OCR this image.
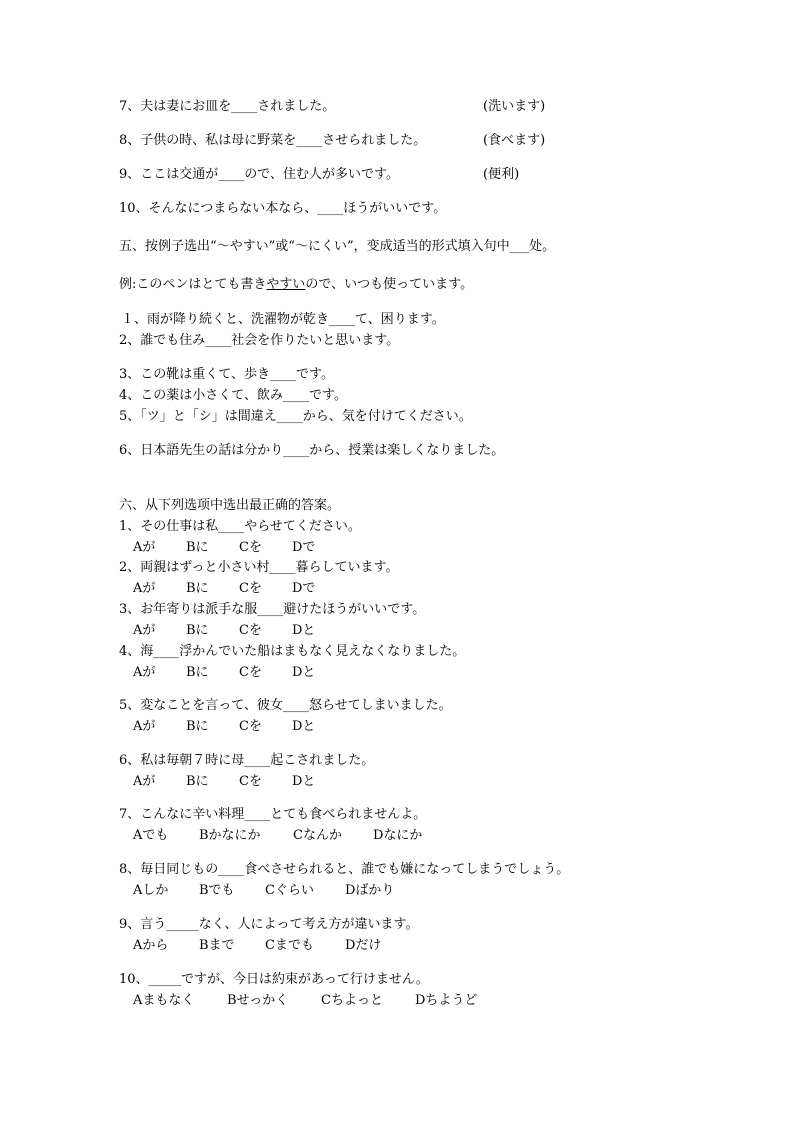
7、夫は妻にお皿を____されました。	(洗います)
8、子供の時、私は母に野菜を____させられました。	(食べます)
9、ここは交通が____ので、住む人が多いです。	(便利)
10、そんなにつまらない本なら、____ほうがいいです。
五、按例子选出“～やすい”或“～にくい”，变成适当的形式填入句中___处。
例:このペンはとても書きやすいので、いつも使っています。
１、雨が降り続くと、洗濯物が乾き____て、困ります。
2、誰でも住み____社会を作りたいと思います。
3、この靴は重くて、歩き____です。
4、この薬は小さくて、飲み____です。
5、「ツ」と「シ」は間違え____から、気を付けてください。
6、日本語先生の話は分かり____から、授業は楽しくなりました。
六、从下列选项中选出最正确的答案。
1、その仕事は私____やらせてください。
Aが Bに Cを Dで
2、両親はずっと小さい村____暮らしています。
Aが Bに Cを Dで
3、お年寄りは派手な服____避けたほうがいいです。
Aが Bに Cを Dと
4、海____浮かんでいた船はまもなく見えなくなりました。
Aが Bに Cを Dと
5、変なことを言って、彼女____怒らせてしまいました。
Aが Bに Cを Dと
6、私は毎朝７時に母____起こされました。
Aが Bに Cを Dと
7、こんなに辛い料理____とても食べられませんよ。
Aでも Bかなにか Cなんか Dなにか
8、毎日同じもの____食べさせられると、誰でも嫌になってしまうでしょう。
Aしか Bでも Cぐらい Dばかり
9、言う_____なく、人によって考え方が違います。
Aから Bまで Cまでも Dだけ
10、_____ですが、今日は約束があって行けません。
Aまもなく	Bせっかく	Cちよっと Dちようど
